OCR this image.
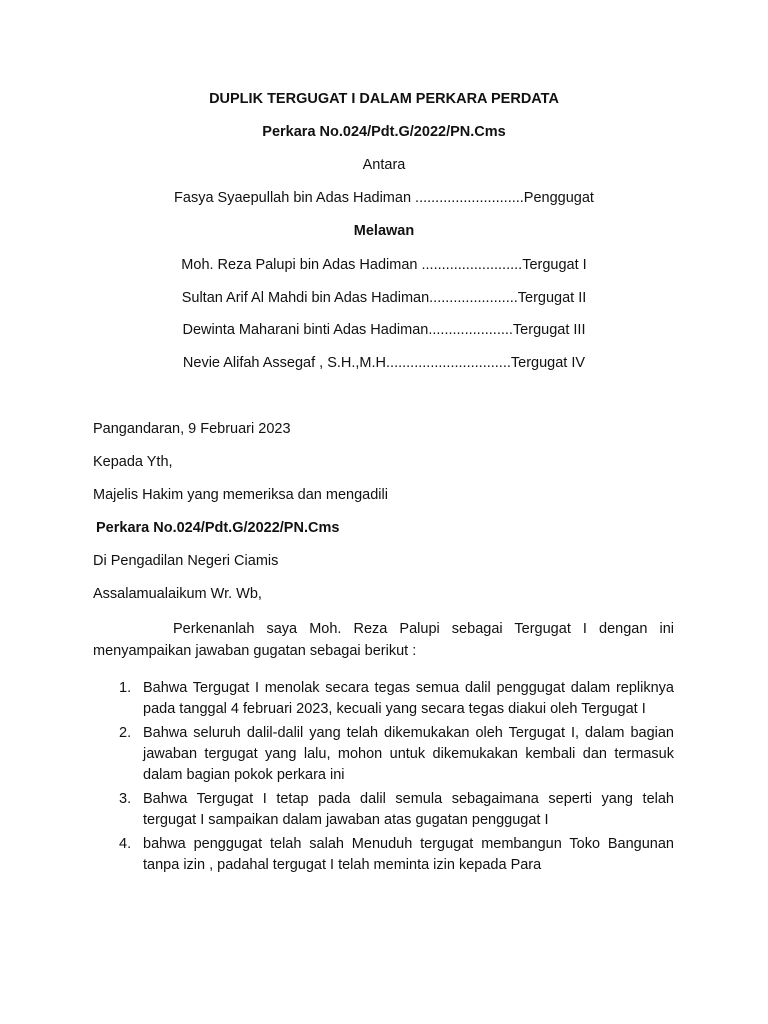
DUPLIK TERGUGAT I DALAM PERKARA PERDATA
Perkara No.024/Pdt.G/2022/PN.Cms
Antara
Fasya Syaepullah bin Adas Hadiman ...........................Penggugat
Melawan
Moh. Reza Palupi bin Adas Hadiman .........................Tergugat I
Sultan Arif Al Mahdi bin Adas Hadiman......................Tergugat II
Dewinta Maharani binti Adas Hadiman.....................Tergugat III
Nevie Alifah Assegaf , S.H.,M.H...............................Tergugat IV
Pangandaran, 9 Februari 2023
Kepada Yth,
Majelis Hakim yang memeriksa dan mengadili
Perkara No.024/Pdt.G/2022/PN.Cms
Di Pengadilan Negeri Ciamis
Assalamualaikum Wr. Wb,
Perkenanlah saya Moh. Reza Palupi sebagai Tergugat I dengan ini menyampaikan jawaban gugatan sebagai berikut :
1. Bahwa Tergugat I menolak secara tegas semua dalil penggugat dalam repliknya pada tanggal 4 februari 2023, kecuali yang secara tegas diakui oleh Tergugat I
2. Bahwa seluruh dalil-dalil yang telah dikemukakan oleh Tergugat I, dalam bagian jawaban tergugat yang lalu, mohon untuk dikemukakan kembali dan termasuk dalam bagian pokok perkara ini
3. Bahwa Tergugat I tetap pada dalil semula sebagaimana seperti yang telah tergugat I sampaikan dalam jawaban atas gugatan penggugat I
4. bahwa penggugat telah salah Menuduh tergugat membangun Toko Bangunan tanpa izin , padahal tergugat I telah meminta izin kepada Para
